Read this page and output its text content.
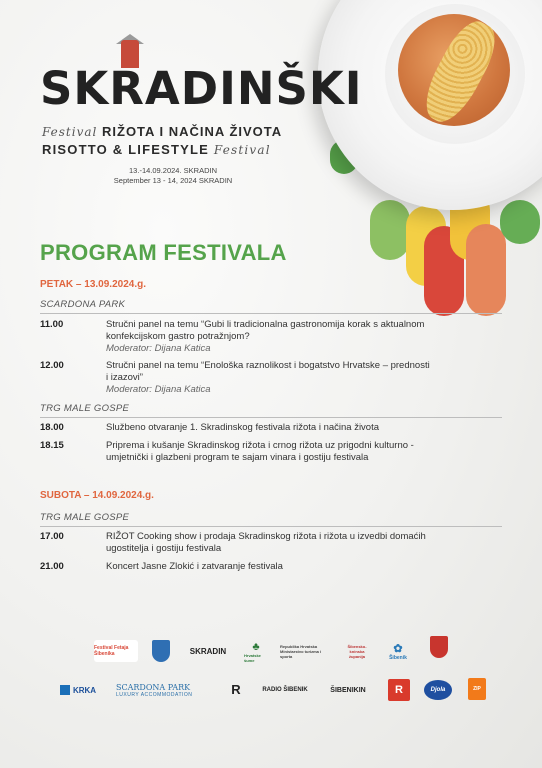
SKRADINŠKI
Festival RIŽOTA I NAČINA ŽIVOTA
RISOTTO & LIFESTYLE Festival
13.-14.09.2024. SKRADIN
September 13 - 14, 2024 SKRADIN
PROGRAM FESTIVALA
PETAK – 13.09.2024.g.
SCARDONA PARK
11.00	Stručni panel na temu “Gubi li tradicionalna gastronomija korak s aktualnom
konfekcijskom gastro potražnjom?
Moderator: Dijana Katica
12.00	Stručni panel na temu “Enološka raznolikost i bogatstvo Hrvatske – prednosti
i izazovi”
Moderator: Dijana Katica
TRG MALE GOSPE
18.00	Službeno otvaranje 1. Skradinskog festivala rižota i načina života
18.15	Priprema i kušanje Skradinskog rižota i crnog rižota uz prigodni kulturno -
umjetnički i glazbeni program te sajam vinara i gostiju festivala
SUBOTA – 14.09.2024.g.
TRG MALE GOSPE
17.00	RIŽOT Cooking show i prodaja Skradinskog rižota i rižota u izvedbi domaćih
ugostitelja i gostiju festivala
21.00	Koncert Jasne Zlokić i zatvaranje festivala
Festival Fetaja Šibenika	SKRADIN	♣
Hrvatske šume
Republika Hrvatska Ministarstvo turizma i sporta
Šibensko-kninska županija
✿
Šibenik
KRKA SCARDONA PARK
LUXURY ACCOMMODATION	R	RADIO ŠIBENIK	ŠIBENIKIN	R	Djola	ZIP
